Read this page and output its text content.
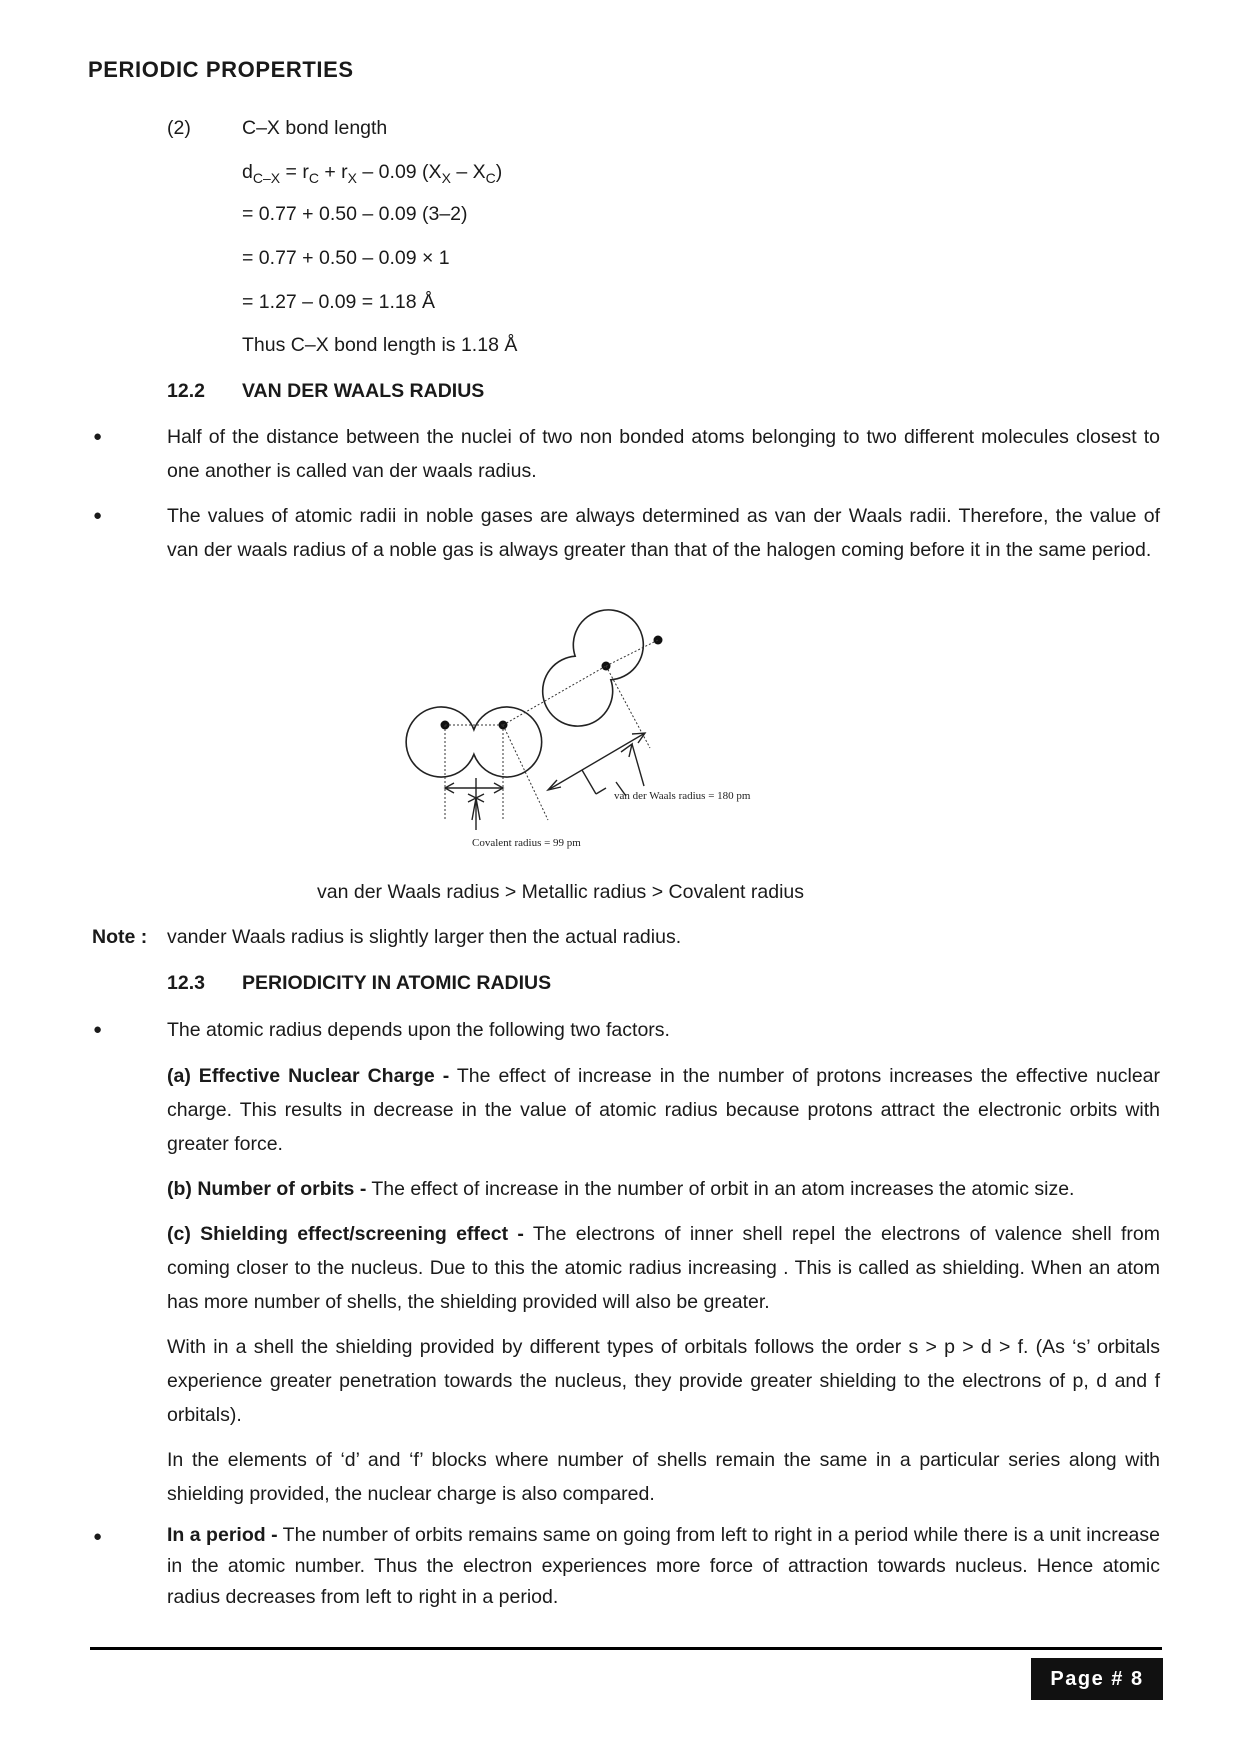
PERIODIC PROPERTIES
(2)	C–X bond length
$d_{C-X} = r_C + r_X - 0.09$ $(X_X - X_C)$
= 0.77 + 0.50 – 0.09 (3–2)
= 0.77 + 0.50 – 0.09 × 1
= 1.27 – 0.09 = 1.18 Å
Thus C–X bond length is 1.18 Å
12.2 VAN DER WAALS RADIUS
●	Half of the distance between the nuclei of two non bonded atoms belonging to two different molecules closest to one another is called van der waals radius.
●	The values of atomic radii in noble gases are always determined as van der Waals radii. Therefore, the value of van der waals radius of a noble gas is always greater than that of the halogen coming before it in the same period.
van der Waals radius = 180 pm
Covalent radius = 99 pm
van der Waals radius > Metallic radius > Covalent radius
Note : vander Waals radius is slightly larger then the actual radius.
12.3 PERIODICITY IN ATOMIC RADIUS
●	The atomic radius depends upon the following two factors.
(a) Effective Nuclear Charge - The effect of increase in the number of protons increases the effective nuclear charge. This results in decrease in the value of atomic radius because protons attract the electronic orbits with greater force.
(b) Number of orbits - The effect of increase in the number of orbit in an atom increases the atomic size.
(c) Shielding effect/screening effect - The electrons of inner shell repel the electrons of valence shell from coming closer to the nucleus. Due to this the atomic radius increasing . This is called as shielding. When an atom has more number of shells, the shielding provided will also be greater.
With in a shell the shielding provided by different types of orbitals follows the order s > p > d > f. (As ‘s’ orbitals experience greater penetration towards the nucleus, they provide greater shielding to the electrons of p, d and f orbitals).
In the elements of ‘d’ and ‘f’ blocks where number of shells remain the same in a particular series along with shielding provided, the nuclear charge is also compared.
●	In a period - The number of orbits remains same on going from left to right in a period while there is a unit increase in the atomic number. Thus the electron experiences more force of attraction towards nucleus. Hence atomic radius decreases from left to right in a period.
Page # 8
